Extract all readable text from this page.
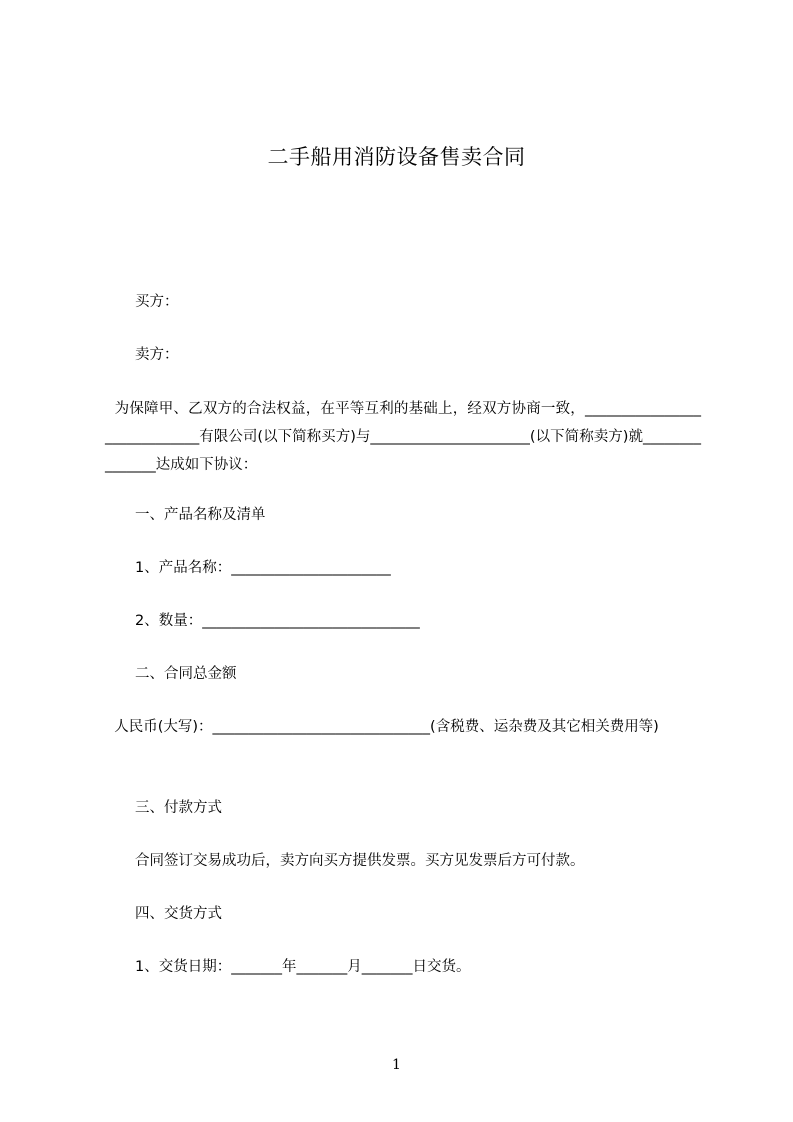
二手船用消防设备售卖合同
买方：
卖方：
为保障甲、乙双方的合法权益，在平等互利的基础上，经双方协商一致，_____________________________有限公司(以下简称买方)与______________________(以下简称卖方)就_______________达成如下协议：
一、产品名称及清单
1、产品名称：______________________
2、数量：______________________________
二、合同总金额
人民币(大写)：______________________________(含税费、运杂费及其它相关费用等)
三、付款方式
合同签订交易成功后，卖方向买方提供发票。买方见发票后方可付款。
四、交货方式
1、交货日期：_______年_______月_______日交货。
1
